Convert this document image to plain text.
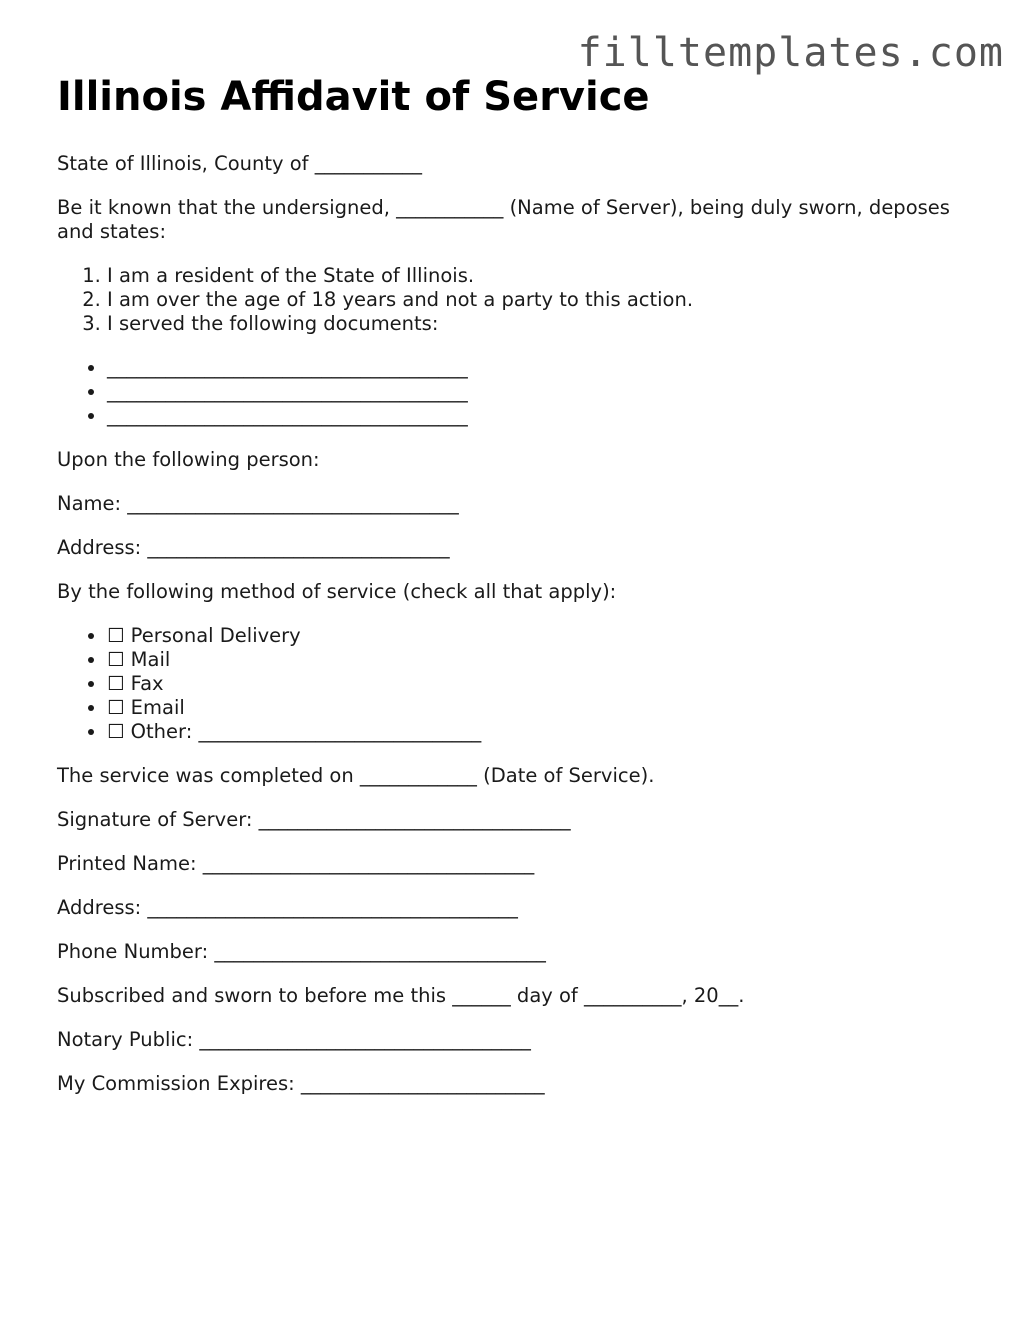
filltemplates.com
Illinois Affidavit of Service

State of Illinois, County of ___________

Be it known that the undersigned, ___________ (Name of Server), being duly sworn, deposes and states:

1. I am a resident of the State of Illinois.
2. I am over the age of 18 years and not a party to this action.
3. I served the following documents:
• _____________________________________
• _____________________________________
• _____________________________________

Upon the following person:

Name: __________________________________

Address: _______________________________

By the following method of service (check all that apply):

• ☐ Personal Delivery
• ☐ Mail
• ☐ Fax
• ☐ Email
• ☐ Other: _____________________________

The service was completed on ____________ (Date of Service).

Signature of Server: ________________________________

Printed Name: __________________________________

Address: ______________________________________

Phone Number: __________________________________

Subscribed and sworn to before me this ______ day of __________, 20__.

Notary Public: __________________________________

My Commission Expires: _________________________
